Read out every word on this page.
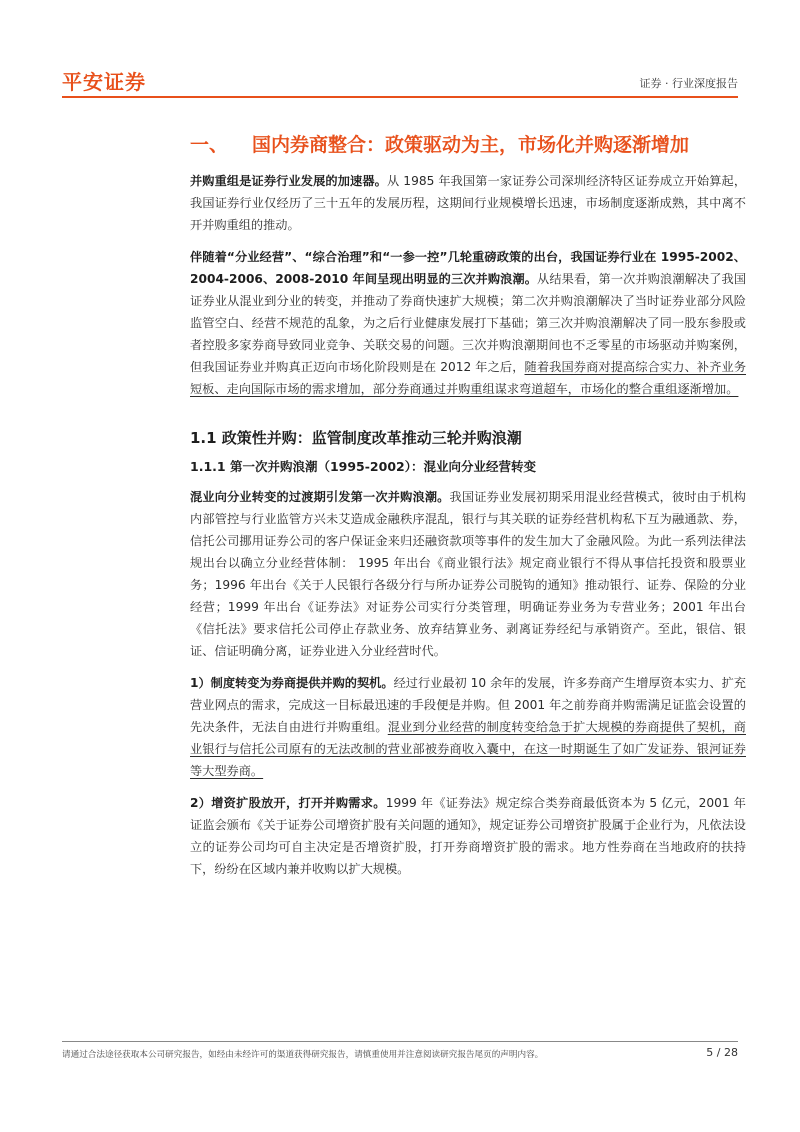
平安证券	证券 · 行业深度报告
一、 国内券商整合：政策驱动为主，市场化并购逐渐增加

并购重组是证券行业发展的加速器。从 1985 年我国第一家证券公司深圳经济特区证券成立开始算起，我国证券行业仅经历了三十五年的发展历程，这期间行业规模增长迅速，市场制度逐渐成熟，其中离不开并购重组的推动。

伴随着“分业经营”、“综合治理”和“一参一控”几轮重磅政策的出台，我国证券行业在 1995-2002、2004-2006、2008-2010 年间呈现出明显的三次并购浪潮。从结果看，第一次并购浪潮解决了我国证券业从混业到分业的转变，并推动了券商快速扩大规模；第二次并购浪潮解决了当时证券业部分风险监管空白、经营不规范的乱象，为之后行业健康发展打下基础；第三次并购浪潮解决了同一股东参股或者控股多家券商导致同业竞争、关联交易的问题。三次并购浪潮期间也不乏零星的市场驱动并购案例，但我国证券业并购真正迈向市场化阶段则是在 2012 年之后，随着我国券商对提高综合实力、补齐业务短板、走向国际市场的需求增加，部分券商通过并购重组谋求弯道超车，市场化的整合重组逐渐增加。

1.1 政策性并购：监管制度改革推动三轮并购浪潮

1.1.1 第一次并购浪潮（1995-2002）：混业向分业经营转变

混业向分业转变的过渡期引发第一次并购浪潮。我国证券业发展初期采用混业经营模式，彼时由于机构内部管控与行业监管方兴未艾造成金融秩序混乱，银行与其关联的证券经营机构私下互为融通款、券，信托公司挪用证券公司的客户保证金来归还融资款项等事件的发生加大了金融风险。为此一系列法律法规出台以确立分业经营体制： 1995 年出台《商业银行法》规定商业银行不得从事信托投资和股票业务；1996 年出台《关于人民银行各级分行与所办证券公司脱钩的通知》推动银行、证券、保险的分业经营；1999 年出台《证券法》对证券公司实行分类管理，明确证券业务为专营业务；2001 年出台《信托法》要求信托公司停止存款业务、放弃结算业务、剥离证券经纪与承销资产。至此，银信、银证、信证明确分离，证券业进入分业经营时代。

1）制度转变为券商提供并购的契机。经过行业最初 10 余年的发展，许多券商产生增厚资本实力、扩充营业网点的需求，完成这一目标最迅速的手段便是并购。但 2001 年之前券商并购需满足证监会设置的先决条件，无法自由进行并购重组。混业到分业经营的制度转变给急于扩大规模的券商提供了契机，商业银行与信托公司原有的无法改制的营业部被券商收入囊中，在这一时期诞生了如广发证券、银河证券等大型券商。

2）增资扩股放开，打开并购需求。1999 年《证券法》规定综合类券商最低资本为 5 亿元，2001 年证监会颁布《关于证券公司增资扩股有关问题的通知》，规定证券公司增资扩股属于企业行为，凡依法设立的证券公司均可自主决定是否增资扩股，打开券商增资扩股的需求。地方性券商在当地政府的扶持下，纷纷在区域内兼并收购以扩大规模。

请通过合法途径获取本公司研究报告，如经由未经许可的渠道获得研究报告，请慎重使用并注意阅读研究报告尾页的声明内容。	5 / 28
